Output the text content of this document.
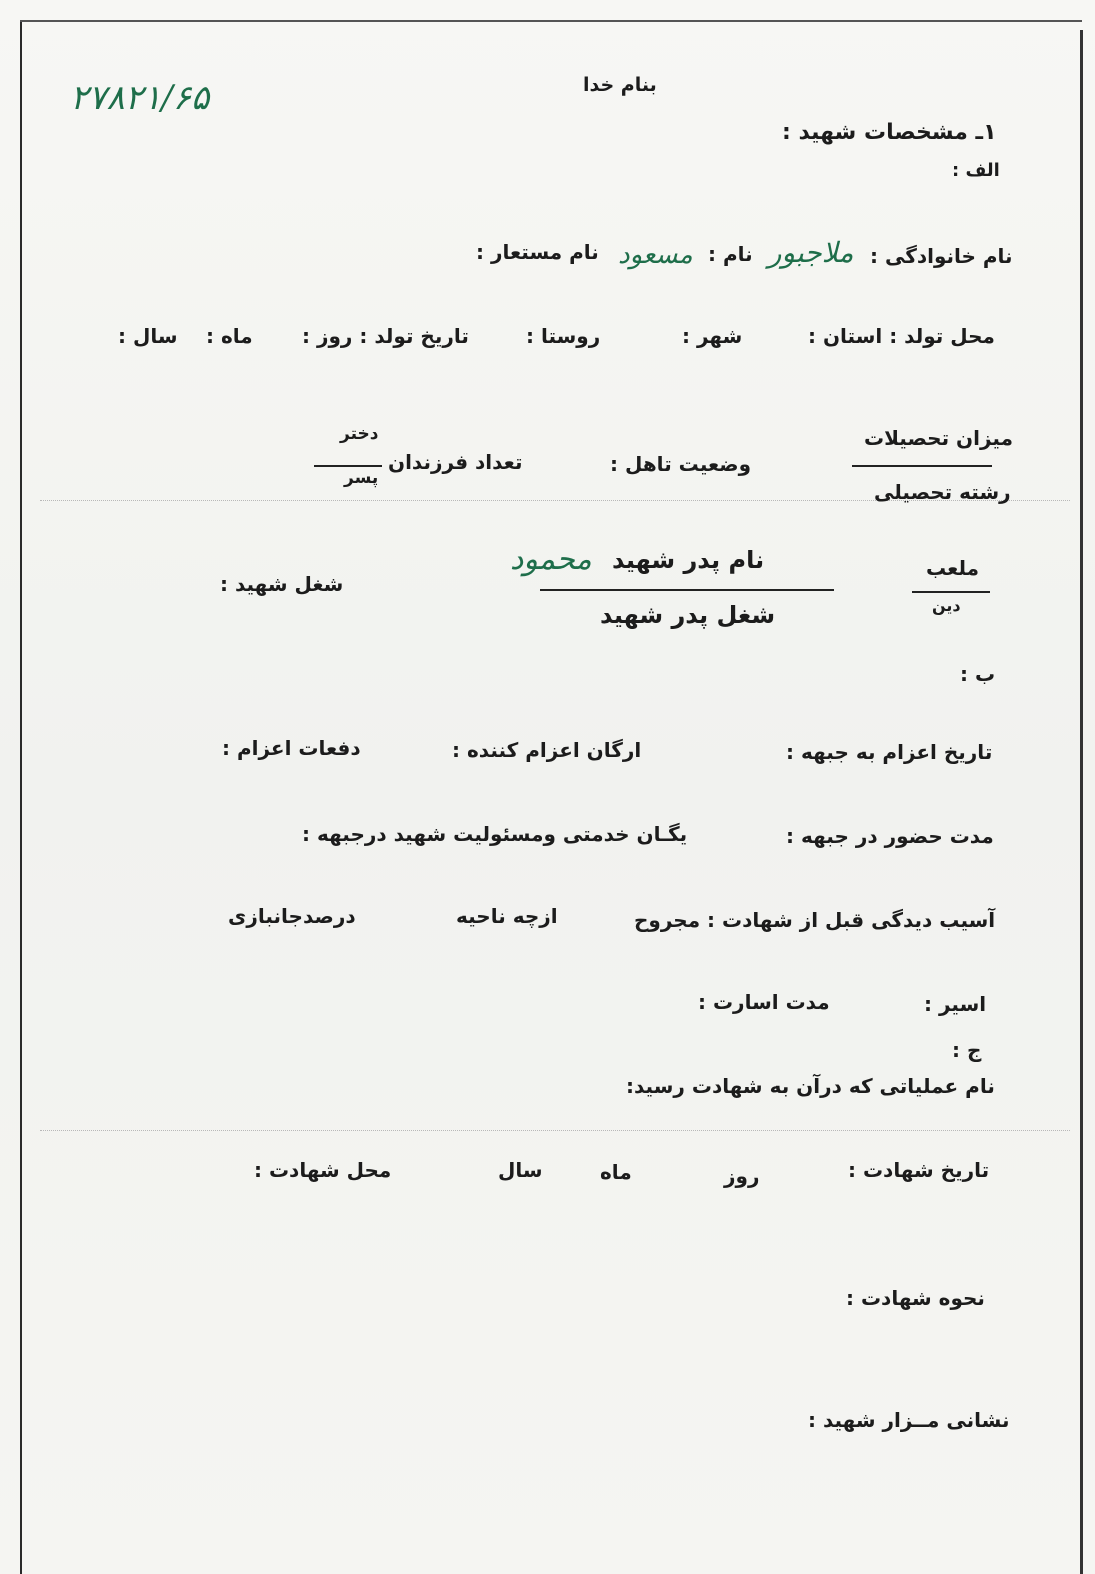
۲۷۸۲۱/۶۵	بنام خدا
۱ـ مشخصات شهید :
الف :
نام خانوادگی :
ملاجبور
نام :
مسعود
نام مستعار :
محل تولد : استان :
شهر :
روستا :
تاریخ تولد : روز :
ماه :
سال :
میزان تحصیلات
رشته تحصیلی
وضعیت تاهل :
دختر
تعداد فرزندان
پسر
ملعب
دین
نام پدر شهید
محمود
شغل پدر شهید
شغل شهید :
ب :
تاریخ اعزام به جبهه :
ارگان اعزام کننده :
دفعات اعزام :
مدت حضور در جبهه :
یگـان خدمتی ومسئولیت شهید درجبهه :
آسیب دیدگی قبل از شهادت : مجروح
ازچه ناحیه
درصدجانبازی
اسیر :
مدت اسارت :
ج :
نام عملیاتی که درآن به شهادت رسید:
تاریخ شهادت :
روز
ماه
سال
محل شهادت :
نحوه شهادت :
نشانی مــزار شهید :
